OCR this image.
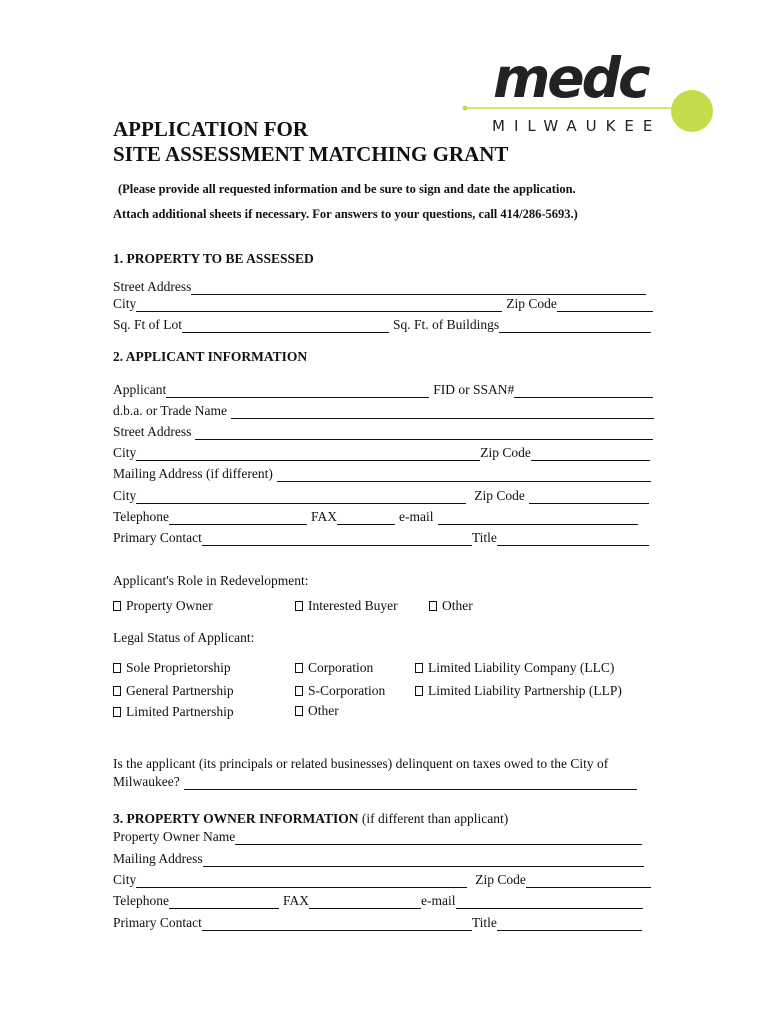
medc
MILWAUKEE
APPLICATION FOR
SITE ASSESSMENT MATCHING GRANT
(Please provide all requested information and be sure to sign and date the application.
Attach additional sheets if necessary. For answers to your questions, call 414/286-5693.)
1. PROPERTY TO BE ASSESSED
Street Address
City	Zip Code
Sq. Ft of Lot	Sq. Ft. of Buildings
2. APPLICANT INFORMATION
Applicant	FID or SSAN#
d.b.a. or Trade Name
Street Address
City	Zip Code
Mailing Address (if different)
City	Zip Code
Telephone	FAX	e-mail
Primary Contact	Title
Applicant's Role in Redevelopment:
Property Owner	Interested Buyer	Other
Legal Status of Applicant:
Sole Proprietorship	Corporation	Limited Liability Company (LLC)
General Partnership	S-Corporation	Limited Liability Partnership (LLP)
Limited Partnership	Other
Is the applicant (its principals or related businesses) delinquent on taxes owed to the City of
Milwaukee?
3. PROPERTY OWNER INFORMATION (if different than applicant)
Property Owner Name
Mailing Address
City	Zip Code
Telephone	FAX	e-mail
Primary Contact	Title
